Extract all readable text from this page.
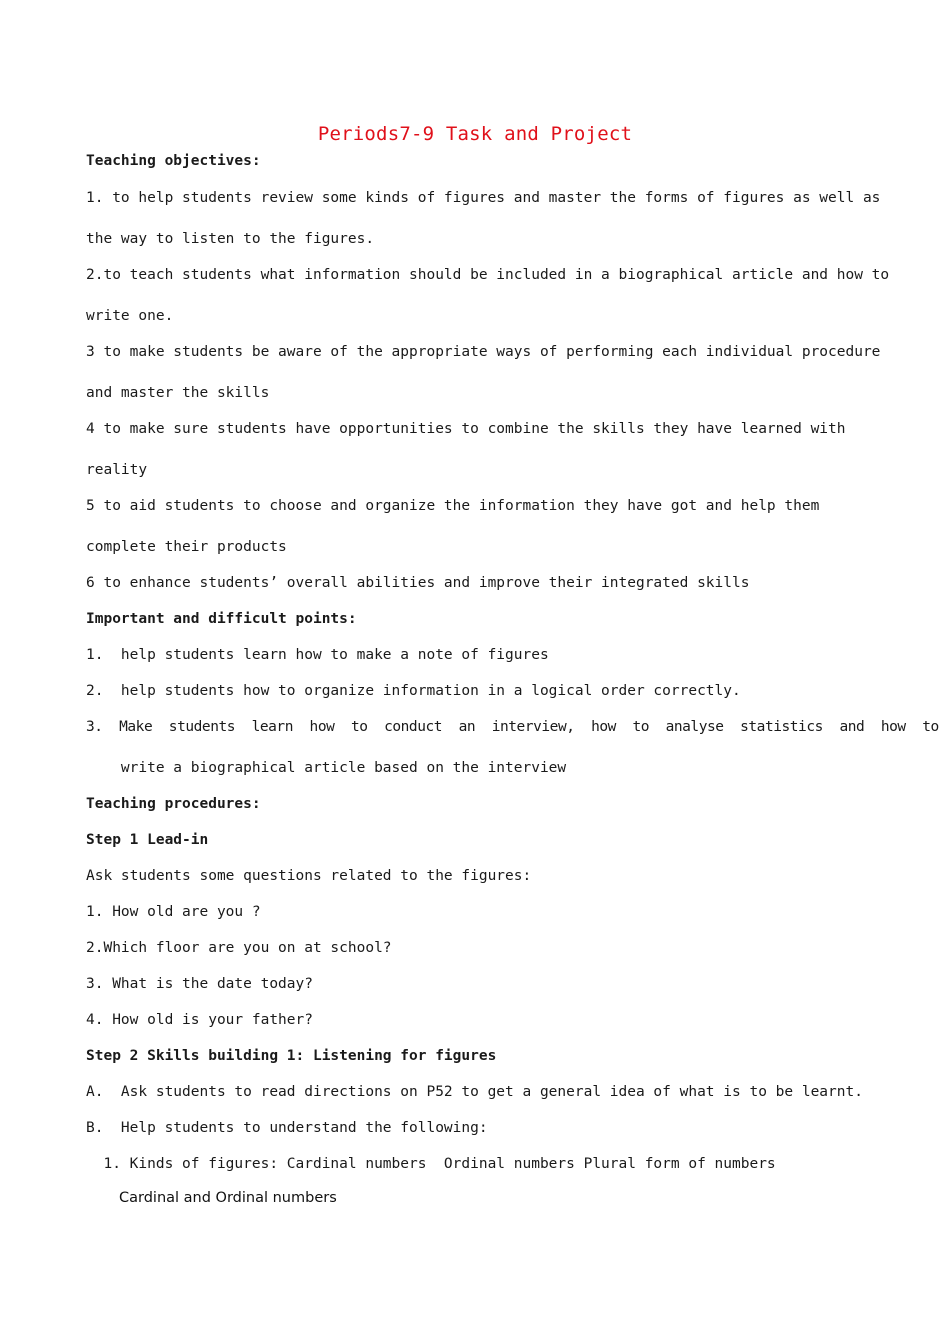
Periods7-9 Task and Project
Teaching objectives:
1. to help students review some kinds of figures and master the forms of figures as well as
the way to listen to the figures.
2.to teach students what information should be included in a biographical article and how to
write one.
3 to make students be aware of the appropriate ways of performing each individual procedure
and master the skills
4 to make sure students have opportunities to combine the skills they have learned with
reality
5 to aid students to choose and organize the information they have got and help them
complete their products
6 to enhance students’ overall abilities and improve their integrated skills
Important and difficult points:
1.  help students learn how to make a note of figures
2.  help students how to organize information in a logical order correctly.
3.  Make  students  learn  how  to  conduct  an  interview,  how  to  analyse  statistics  and  how  to
write a biographical article based on the interview
Teaching procedures:
Step 1 Lead-in
Ask students some questions related to the figures:
1. How old are you ?
2.Which floor are you on at school?
3. What is the date today?
4. How old is your father?
Step 2 Skills building 1: Listening for figures
A.  Ask students to read directions on P52 to get a general idea of what is to be learnt.
B.  Help students to understand the following:
1. Kinds of figures: Cardinal numbers  Ordinal numbers Plural form of numbers
Cardinal and Ordinal numbers
